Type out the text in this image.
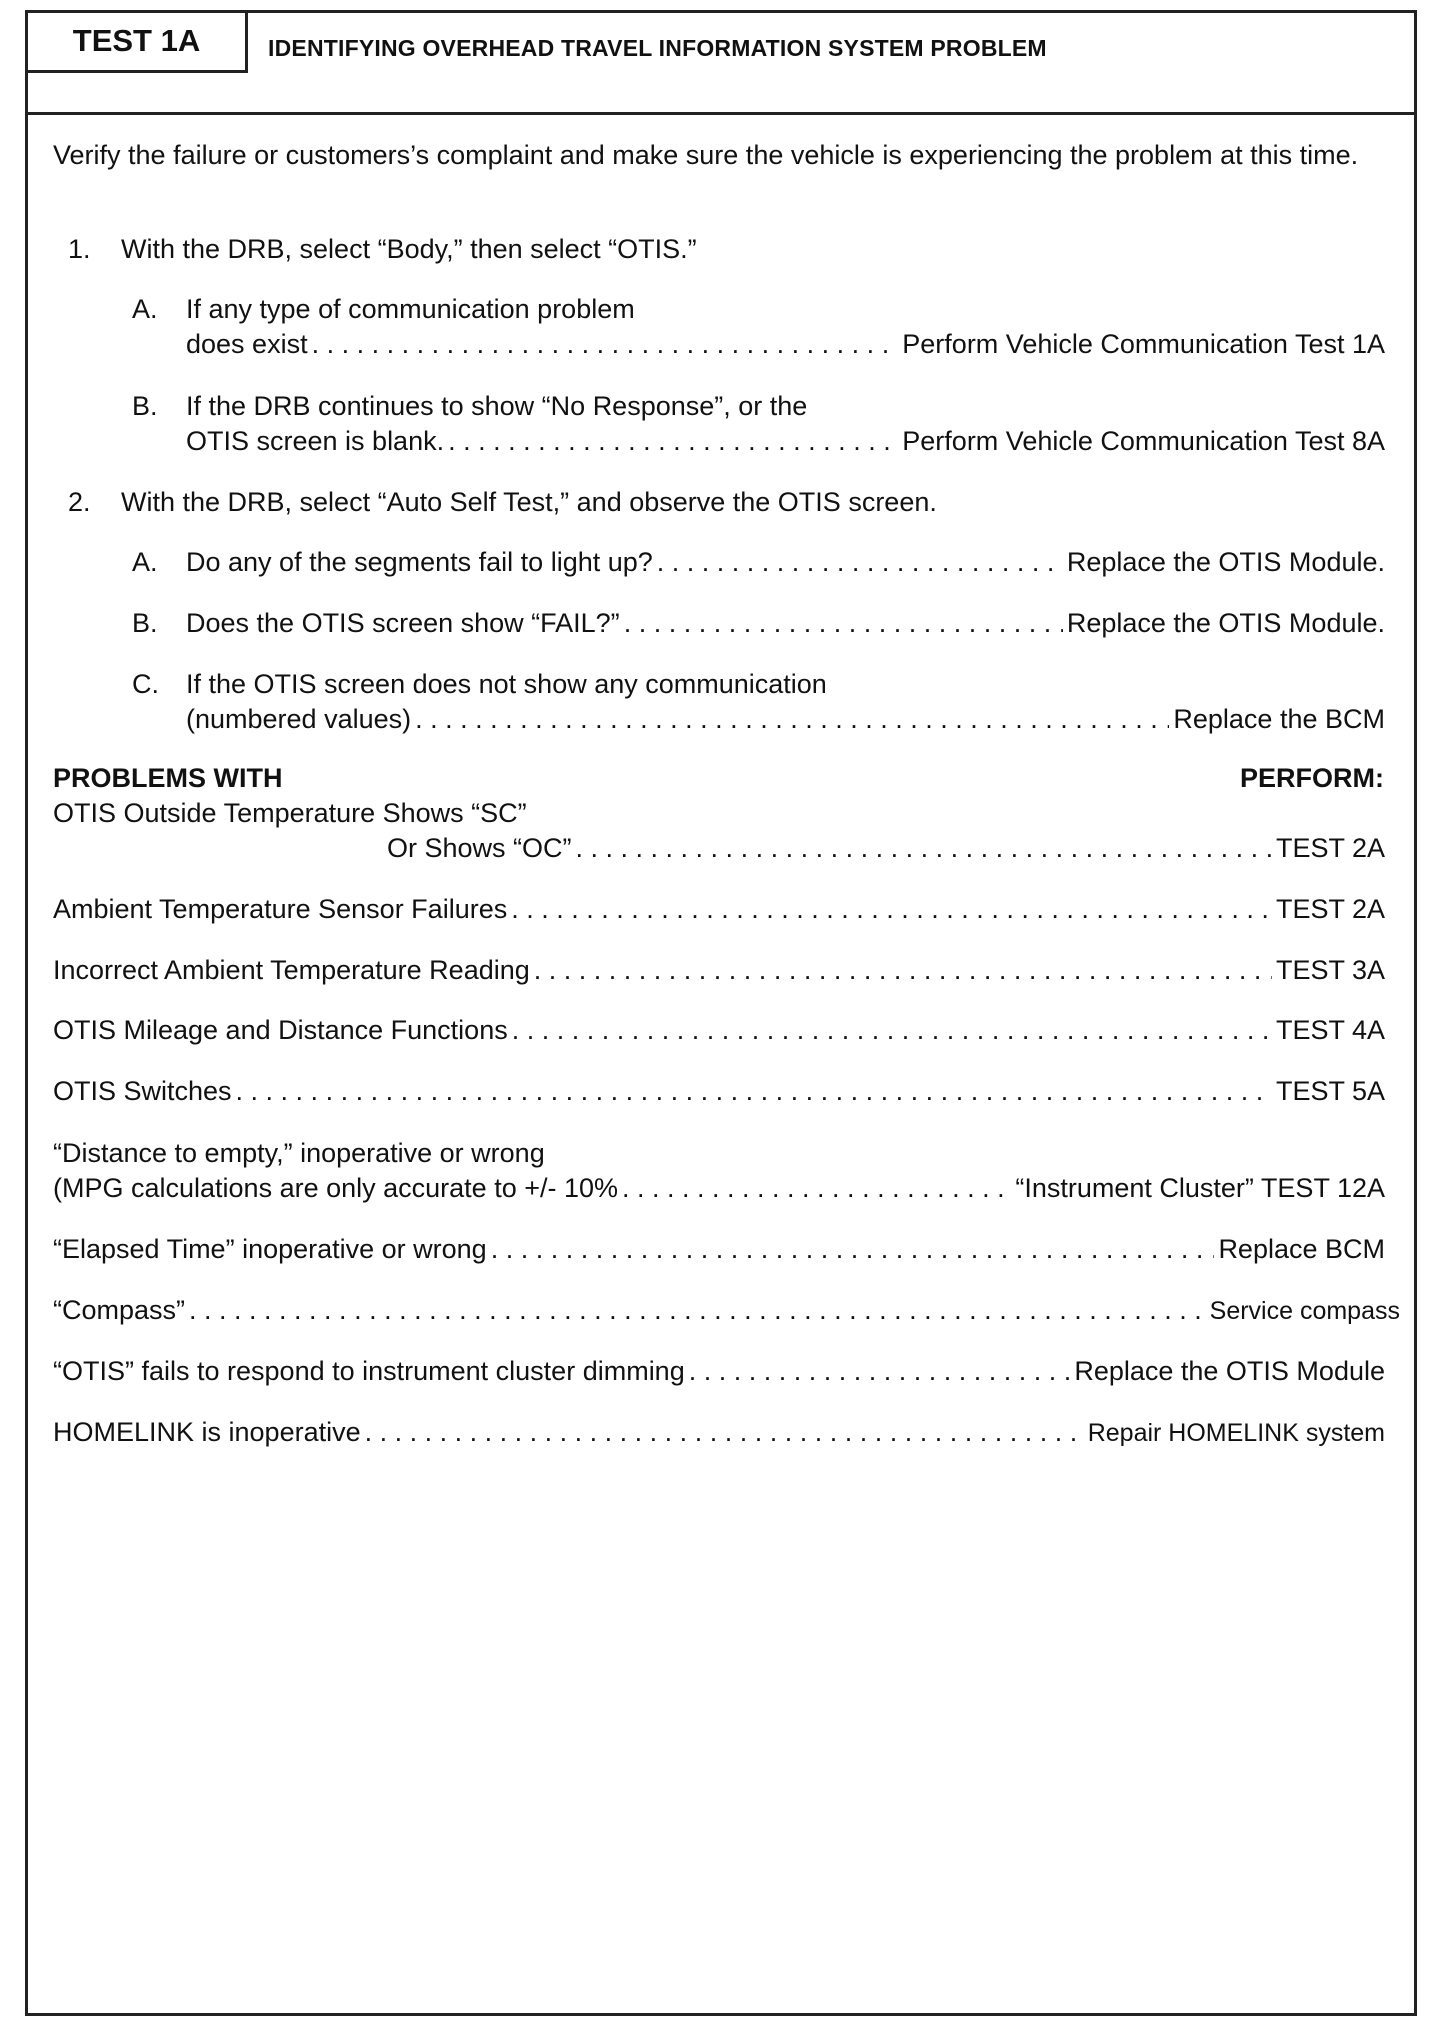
TEST 1A	IDENTIFYING OVERHEAD TRAVEL INFORMATION SYSTEM PROBLEM
Verify the failure or customers’s complaint and make sure the vehicle is experiencing the problem at this time.
1. With the DRB, select “Body,” then select “OTIS.”
A. If any type of communication problem
does exist . . .	Perform Vehicle Communication Test 1A
B. If the DRB continues to show “No Response”, or the
OTIS screen is blank. . . .	Perform Vehicle Communication Test 8A
2. With the DRB, select “Auto Self Test,” and observe the OTIS screen.
A. Do any of the segments fail to light up? . . .	Replace the OTIS Module.
B. Does the OTIS screen show “FAIL?” . . .	Replace the OTIS Module.
C. If the OTIS screen does not show any communication
(numbered values) . . .	Replace the BCM
PROBLEMS WITH	PERFORM:
OTIS Outside Temperature Shows “SC”
Or Shows “OC” . . .	TEST 2A
Ambient Temperature Sensor Failures . . .	TEST 2A
Incorrect Ambient Temperature Reading . . .	TEST 3A
OTIS Mileage and Distance Functions . . .	TEST 4A
OTIS Switches . . .	TEST 5A
“Distance to empty,” inoperative or wrong
(MPG calculations are only accurate to +/- 10% . . .	“Instrument Cluster” TEST 12A
“Elapsed Time” inoperative or wrong . . .	Replace BCM
“Compass” . . .	Service compass
“OTIS” fails to respond to instrument cluster dimming . . .	Replace the OTIS Module
HOMELINK is inoperative . . .	Repair HOMELINK system
